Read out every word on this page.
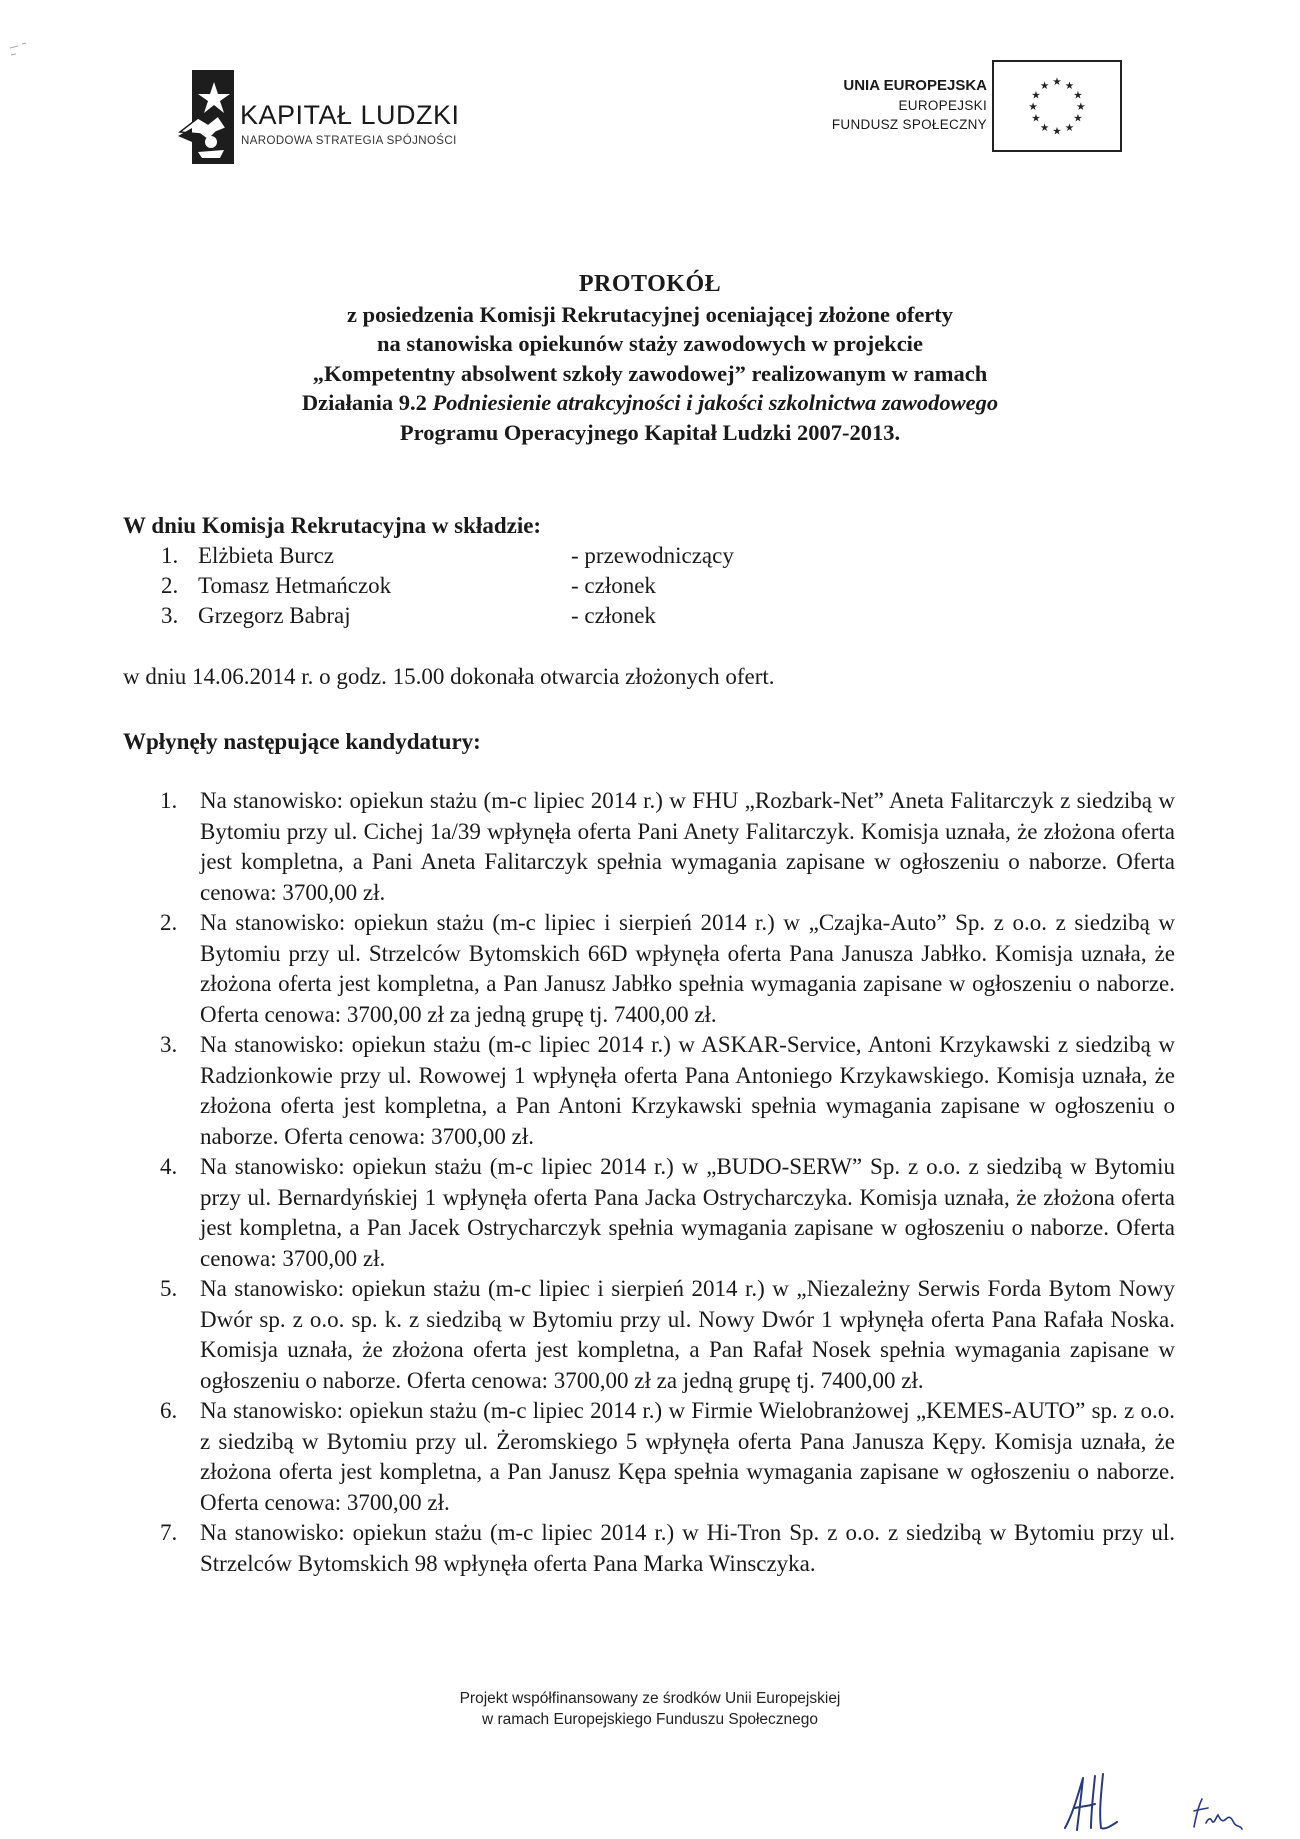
KAPITAŁ LUDZKI
NARODOWA STRATEGIA SPÓJNOŚCI
UNIA EUROPEJSKA
EUROPEJSKI
FUNDUSZ SPOŁECZNY
★ ★
★
★
★
★
★
★
★
★
★
★
PROTOKÓŁ
z posiedzenia Komisji Rekrutacyjnej oceniającej złożone oferty
na stanowiska opiekunów staży zawodowych w projekcie
„Kompetentny absolwent szkoły zawodowej” realizowanym w ramach
Działania 9.2 Podniesienie atrakcyjności i jakości szkolnictwa zawodowego
Programu Operacyjnego Kapitał Ludzki 2007-2013.
W dniu Komisja Rekrutacyjna w składzie:
1. Elżbieta Burcz	- przewodniczący
2. Tomasz Hetmańczok	- członek
3. Grzegorz Babraj	- członek
w dniu 14.06.2014 r. o godz. 15.00 dokonała otwarcia złożonych ofert.
Wpłynęły następujące kandydatury:
1. Na stanowisko: opiekun stażu (m-c lipiec 2014 r.) w FHU „Rozbark-Net” Aneta Falitarczyk z siedzibą w Bytomiu przy ul. Cichej 1a/39 wpłynęła oferta Pani Anety Falitarczyk. Komisja uznała, że złożona oferta jest kompletna, a Pani Aneta Falitarczyk spełnia wymagania zapisane w ogłoszeniu o naborze. Oferta cenowa: 3700,00 zł.
2. Na stanowisko: opiekun stażu (m-c lipiec i sierpień 2014 r.) w „Czajka-Auto” Sp. z o.o. z siedzibą w Bytomiu przy ul. Strzelców Bytomskich 66D wpłynęła oferta Pana Janusza Jabłko. Komisja uznała, że złożona oferta jest kompletna, a Pan Janusz Jabłko spełnia wymagania zapisane w ogłoszeniu o naborze. Oferta cenowa: 3700,00 zł za jedną grupę tj. 7400,00 zł.
3. Na stanowisko: opiekun stażu (m-c lipiec 2014 r.) w ASKAR-Service, Antoni Krzykawski z siedzibą w Radzionkowie przy ul. Rowowej 1 wpłynęła oferta Pana Antoniego Krzykawskiego. Komisja uznała, że złożona oferta jest kompletna, a Pan Antoni Krzykawski spełnia wymagania zapisane w ogłoszeniu o naborze. Oferta cenowa: 3700,00 zł.
4. Na stanowisko: opiekun stażu (m-c lipiec 2014 r.) w „BUDO-SERW” Sp. z o.o. z siedzibą w Bytomiu przy ul. Bernardyńskiej 1 wpłynęła oferta Pana Jacka Ostrycharczyka. Komisja uznała, że złożona oferta jest kompletna, a Pan Jacek Ostrycharczyk spełnia wymagania zapisane w ogłoszeniu o naborze. Oferta cenowa: 3700,00 zł.
5. Na stanowisko: opiekun stażu (m-c lipiec i sierpień 2014 r.) w „Niezależny Serwis Forda Bytom Nowy Dwór sp. z o.o. sp. k. z siedzibą w Bytomiu przy ul. Nowy Dwór 1 wpłynęła oferta Pana Rafała Noska. Komisja uznała, że złożona oferta jest kompletna, a Pan Rafał Nosek spełnia wymagania zapisane w ogłoszeniu o naborze. Oferta cenowa: 3700,00 zł za jedną grupę tj. 7400,00 zł.
6. Na stanowisko: opiekun stażu (m-c lipiec 2014 r.) w Firmie Wielobranżowej „KEMES-AUTO” sp. z o.o. z siedzibą w Bytomiu przy ul. Żeromskiego 5 wpłynęła oferta Pana Janusza Kępy. Komisja uznała, że złożona oferta jest kompletna, a Pan Janusz Kępa spełnia wymagania zapisane w ogłoszeniu o naborze. Oferta cenowa: 3700,00 zł.
7. Na stanowisko: opiekun stażu (m-c lipiec 2014 r.) w Hi-Tron Sp. z o.o. z siedzibą w Bytomiu przy ul. Strzelców Bytomskich 98 wpłynęła oferta Pana Marka Winsczyka.
Projekt współfinansowany ze środków Unii Europejskiej
w ramach Europejskiego Funduszu Społecznego
